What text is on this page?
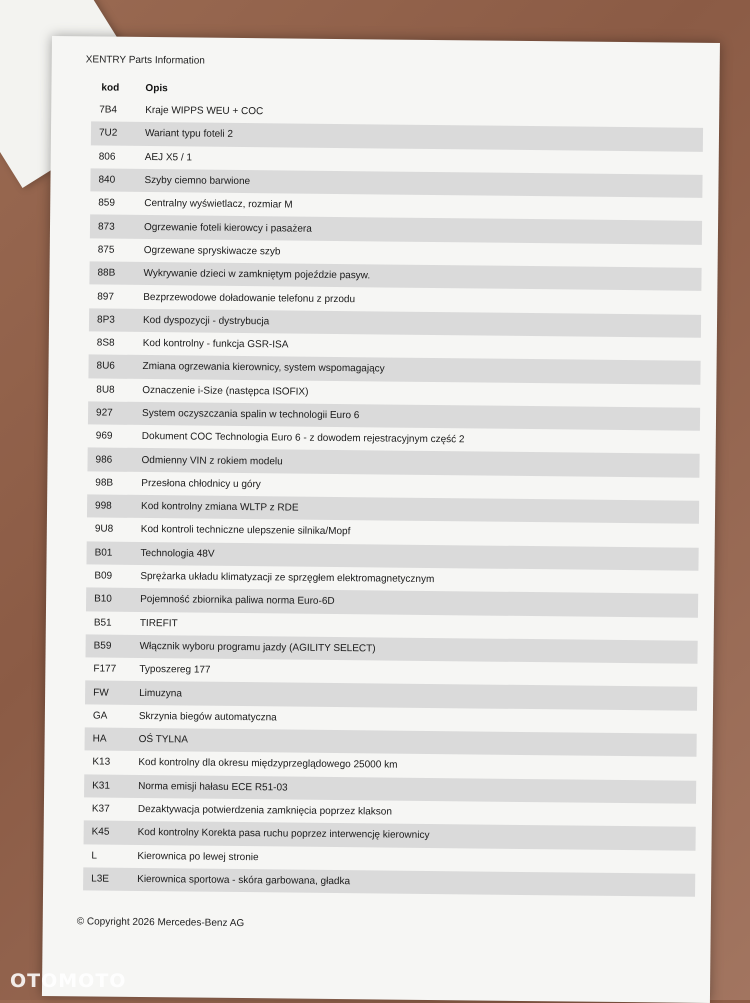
XENTRY Parts Information
kod	Opis
7B4	Kraje WIPPS WEU + COC
7U2	Wariant typu foteli 2
806	AEJ X5 / 1
840	Szyby ciemno barwione
859	Centralny wyświetlacz, rozmiar M
873	Ogrzewanie foteli kierowcy i pasażera
875	Ogrzewane spryskiwacze szyb
88B	Wykrywanie dzieci w zamkniętym pojeździe pasyw.
897	Bezprzewodowe doładowanie telefonu z przodu
8P3	Kod dyspozycji - dystrybucja
8S8	Kod kontrolny - funkcja GSR-ISA
8U6	Zmiana ogrzewania kierownicy, system wspomagający
8U8	Oznaczenie i-Size (następca ISOFIX)
927	System oczyszczania spalin w technologii Euro 6
969	Dokument COC Technologia Euro 6 - z dowodem rejestracyjnym część 2
986	Odmienny VIN z rokiem modelu
98B	Przesłona chłodnicy u góry
998	Kod kontrolny zmiana WLTP z RDE
9U8	Kod kontroli techniczne ulepszenie silnika/Mopf
B01	Technologia 48V
B09	Sprężarka układu klimatyzacji ze sprzęgłem elektromagnetycznym
B10	Pojemność zbiornika paliwa norma Euro-6D
B51	TIREFIT
B59	Włącznik wyboru programu jazdy (AGILITY SELECT)
F177	Typoszereg 177
FW	Limuzyna
GA	Skrzynia biegów automatyczna
HA	OŚ TYLNA
K13	Kod kontrolny dla okresu międzyprzeglądowego 25000 km
K31	Norma emisji hałasu ECE R51-03
K37	Dezaktywacja potwierdzenia zamknięcia poprzez klakson
K45	Kod kontrolny Korekta pasa ruchu poprzez interwencję kierownicy
L	Kierownica po lewej stronie
L3E	Kierownica sportowa - skóra garbowana, gładka
© Copyright 2026 Mercedes-Benz AG
OTOMOTO
